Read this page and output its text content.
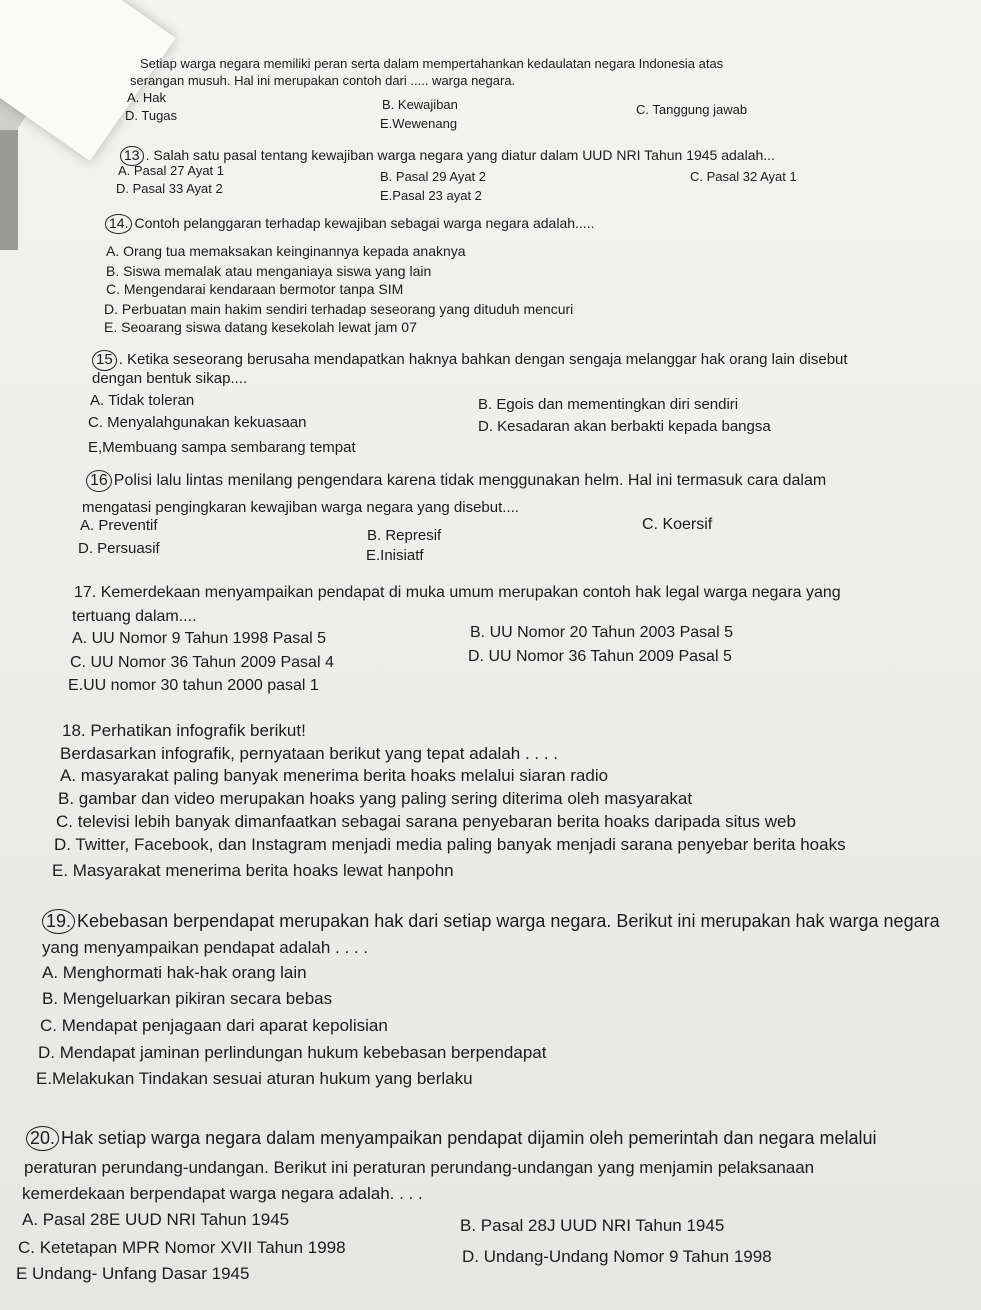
Setiap warga negara memiliki peran serta dalam mempertahankan kedaulatan negara Indonesia atas
serangan musuh. Hal ini merupakan contoh dari ..... warga negara.
A. Hak	B. Kewajiban	C. Tanggung jawab
D. Tugas
E.Wewenang
13 . Salah satu pasal tentang kewajiban warga negara yang diatur dalam UUD NRI Tahun 1945 adalah...
A. Pasal 27 Ayat 1	B. Pasal 29 Ayat 2	C. Pasal 32 Ayat 1
D. Pasal 33 Ayat 2	E.Pasal 23 ayat 2
14. Contoh pelanggaran terhadap kewajiban sebagai warga negara adalah.....
A. Orang tua memaksakan keinginannya kepada anaknya
B. Siswa memalak atau menganiaya siswa yang lain
C. Mengendarai kendaraan bermotor tanpa SIM
D. Perbuatan main hakim sendiri terhadap seseorang yang dituduh mencuri
E. Seoarang siswa datang kesekolah lewat jam 07
15 . Ketika seseorang berusaha mendapatkan haknya bahkan dengan sengaja melanggar hak orang lain disebut
dengan bentuk sikap....
A. Tidak toleran	B. Egois dan mementingkan diri sendiri
C. Menyalahgunakan kekuasaan	D. Kesadaran akan berbakti kepada bangsa
E,Membuang sampa sembarang tempat
16 Polisi lalu lintas menilang pengendara karena tidak menggunakan helm. Hal ini termasuk cara dalam
mengatasi pengingkaran kewajiban warga negara yang disebut....
A. Preventif
B. Represif
C. Koersif
D. Persuasif	E.Inisiatf
17. Kemerdekaan menyampaikan pendapat di muka umum merupakan contoh hak legal warga negara yang
tertuang dalam....
A. UU Nomor 9 Tahun 1998 Pasal 5	B. UU Nomor 20 Tahun 2003 Pasal 5
C. UU Nomor 36 Tahun 2009 Pasal 4	D. UU Nomor 36 Tahun 2009 Pasal 5
E.UU nomor 30 tahun 2000 pasal 1
18. Perhatikan infografik berikut!
Berdasarkan infografik, pernyataan berikut yang tepat adalah . . . .
A. masyarakat paling banyak menerima berita hoaks melalui siaran radio
B. gambar dan video merupakan hoaks yang paling sering diterima oleh masyarakat
C. televisi lebih banyak dimanfaatkan sebagai sarana penyebaran berita hoaks daripada situs web
D. Twitter, Facebook, dan Instagram menjadi media paling banyak menjadi sarana penyebar berita hoaks
E. Masyarakat menerima berita hoaks lewat hanpohn
19. Kebebasan berpendapat merupakan hak dari setiap warga negara. Berikut ini merupakan hak warga negara
yang menyampaikan pendapat adalah . . . .
A. Menghormati hak-hak orang lain
B. Mengeluarkan pikiran secara bebas
C. Mendapat penjagaan dari aparat kepolisian
D. Mendapat jaminan perlindungan hukum kebebasan berpendapat
E.Melakukan Tindakan sesuai aturan hukum yang berlaku
20. Hak setiap warga negara dalam menyampaikan pendapat dijamin oleh pemerintah dan negara melalui
peraturan perundang-undangan. Berikut ini peraturan perundang-undangan yang menjamin pelaksanaan
kemerdekaan berpendapat warga negara adalah. . . .
A. Pasal 28E UUD NRI Tahun 1945	B. Pasal 28J UUD NRI Tahun 1945
C. Ketetapan MPR Nomor XVII Tahun 1998	D. Undang-Undang Nomor 9 Tahun 1998
E Undang- Unfang Dasar 1945
